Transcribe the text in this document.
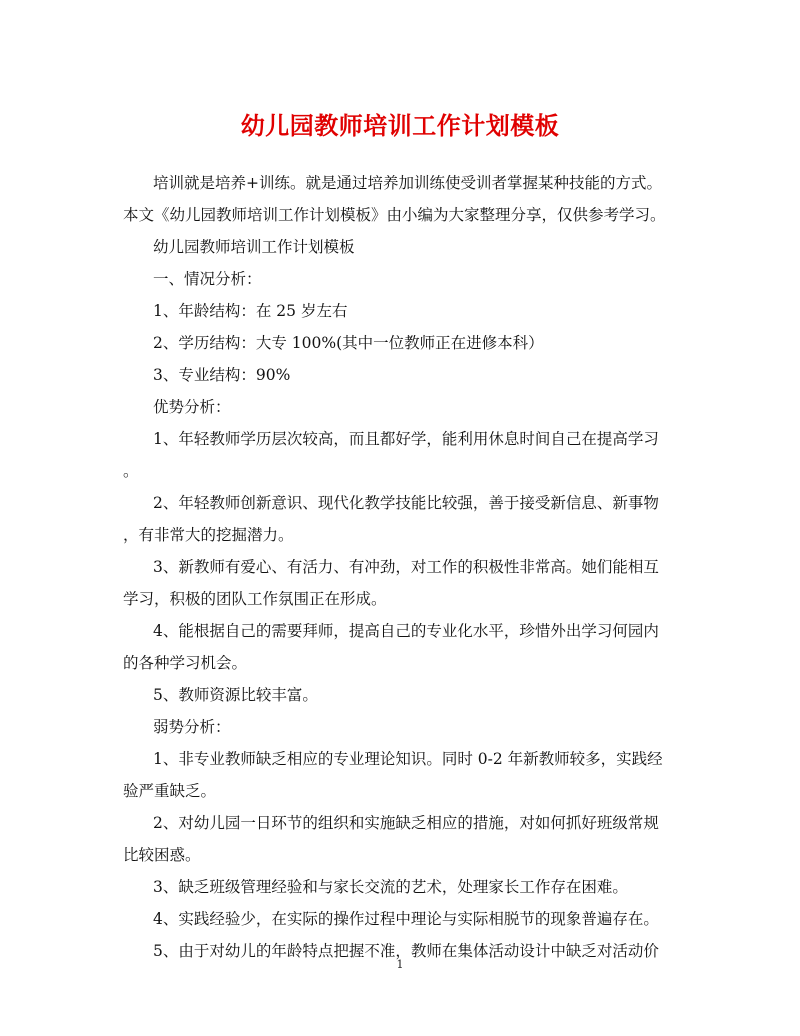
幼儿园教师培训工作计划模板
培训就是培养+训练。就是通过培养加训练使受训者掌握某种技能的方式。
本文《幼儿园教师培训工作计划模板》由小编为大家整理分享，仅供参考学习。
幼儿园教师培训工作计划模板
一、情况分析：
1、年龄结构：在 25 岁左右
2、学历结构：大专 100%(其中一位教师正在进修本科）
3、专业结构：90%
优势分析：
1、年轻教师学历层次较高，而且都好学，能利用休息时间自己在提高学习
。
2、年轻教师创新意识、现代化教学技能比较强，善于接受新信息、新事物
，有非常大的挖掘潜力。
3、新教师有爱心、有活力、有冲劲，对工作的积极性非常高。她们能相互
学习，积极的团队工作氛围正在形成。
4、能根据自己的需要拜师，提高自己的专业化水平，珍惜外出学习何园内
的各种学习机会。
5、教师资源比较丰富。
弱势分析：
1、非专业教师缺乏相应的专业理论知识。同时 0-2 年新教师较多，实践经
验严重缺乏。
2、对幼儿园一日环节的组织和实施缺乏相应的措施，对如何抓好班级常规
比较困惑。
3、缺乏班级管理经验和与家长交流的艺术，处理家长工作存在困难。
4、实践经验少，在实际的操作过程中理论与实际相脱节的现象普遍存在。
5、由于对幼儿的年龄特点把握不准，教师在集体活动设计中缺乏对活动价
1
